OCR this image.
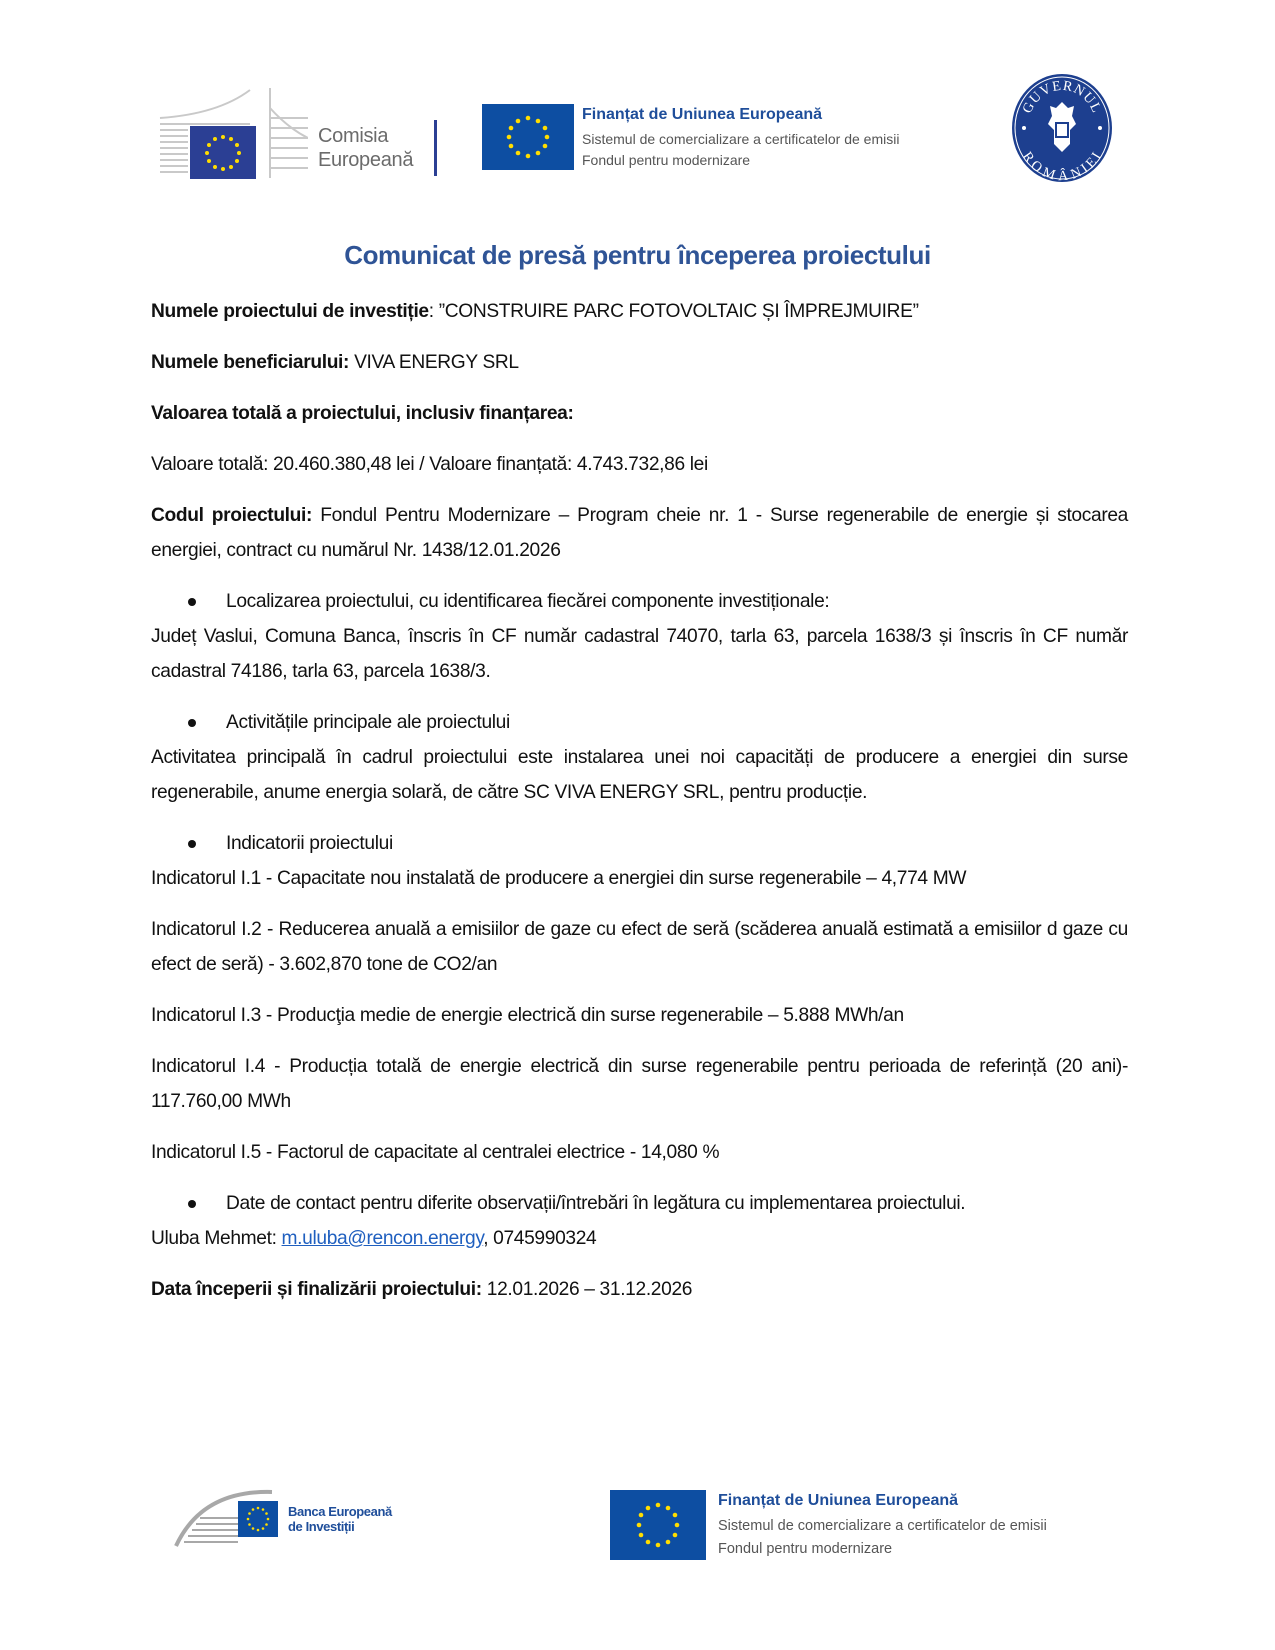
Comisia
Europeană
Finanțat de Uniunea Europeană
Sistemul de comercializare a certificatelor de emisii
Fondul pentru modernizare
GUVERNUL
ROMÂNIEI
Comunicat de presă pentru începerea proiectului

Numele proiectului de investiție: ”CONSTRUIRE PARC FOTOVOLTAIC ȘI ÎMPREJMUIRE”

Numele beneficiarului: VIVA ENERGY SRL

Valoarea totală a proiectului, inclusiv finanțarea:

Valoare totală: 20.460.380,48 lei / Valoare finanțată: 4.743.732,86 lei

Codul proiectului: Fondul Pentru Modernizare – Program cheie nr. 1 - Surse regenerabile de energie și stocarea energiei, contract cu numărul Nr. 1438/12.01.2026

Localizarea proiectului, cu identificarea fiecărei componente investiționale:

Județ Vaslui, Comuna Banca, înscris în CF număr cadastral 74070, tarla 63, parcela 1638/3 și înscris în CF număr cadastral 74186, tarla 63, parcela 1638/3.

Activitățile principale ale proiectului

Activitatea principală în cadrul proiectului este instalarea unei noi capacități de producere a energiei din surse regenerabile, anume energia solară, de către SC VIVA ENERGY SRL, pentru producție.

Indicatorii proiectului

Indicatorul I.1 - Capacitate nou instalată de producere a energiei din surse regenerabile – 4,774 MW

Indicatorul I.2 - Reducerea anuală a emisiilor de gaze cu efect de seră (scăderea anuală estimată a emisiilor d gaze cu efect de seră) - 3.602,870 tone de CO2/an

Indicatorul I.3 - Producţia medie de energie electrică din surse regenerabile – 5.888 MWh/an

Indicatorul I.4 - Producția totală de energie electrică din surse regenerabile pentru perioada de referință (20 ani)- 117.760,00 MWh

Indicatorul I.5 - Factorul de capacitate al centralei electrice - 14,080 %

Date de contact pentru diferite observații/întrebări în legătura cu implementarea proiectului.

Uluba Mehmet: m.uluba@rencon.energy, 0745990324

Data începerii și finalizării proiectului: 12.01.2026 – 31.12.2026

Banca Europeană
de Investiții
Finanțat de Uniunea Europeană
Sistemul de comercializare a certificatelor de emisii
Fondul pentru modernizare
